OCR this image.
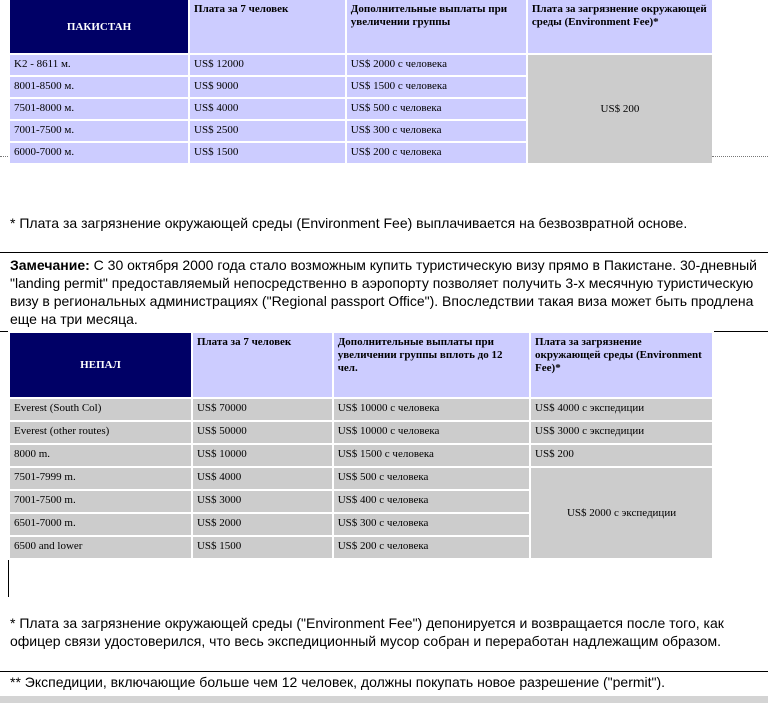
ПАКИСТАН	Плата за 7 человек	Дополнительные выплаты при увеличении группы	Плата за загрязнение окружающей среды (Environment Fee)*
K2 - 8611 м.	US$ 12000	US$ 2000 с человека	US$ 200
8001-8500 м.	US$ 9000	US$ 1500 с человека	
7501-8000 м.	US$ 4000	US$ 500 с человека	
7001-7500 м.	US$ 2500	US$ 300 с человека	
6000-7000 м.	US$ 1500	US$ 200 с человека	
* Плата за загрязнение окружающей среды (Environment Fee) выплачивается на безвозвратной основе.
Замечание: С 30 октября 2000 года стало возможным купить туристическую визу прямо в Пакистане. 30-дневный "landing permit" предоставляемый непосредственно в аэропорту позволяет получить 3-х месячную туристическую визу в региональных администрациях ("Regional passport Office"). Впоследствии такая виза может быть продлена еще на три месяца.
НЕПАЛ	Плата за 7 человек	Дополнительные выплаты при увеличении группы вплоть до 12 чел.	Плата за загрязнение окружающей среды (Environment Fee)*
Everest (South Col)	US$ 70000	US$ 10000 с человека	US$ 4000 с экспедиции
Everest (other routes)	US$ 50000	US$ 10000 с человека	US$ 3000 с экспедиции
8000 m.	US$ 10000	US$ 1500 с человека	US$ 200
7501-7999 m.	US$ 4000	US$ 500 с человека	US$ 2000 с экспедиции
7001-7500 m.	US$ 3000	US$ 400 с человека	
6501-7000 m.	US$ 2000	US$ 300 с человека	
6500 and lower	US$ 1500	US$ 200 с человека	
* Плата за загрязнение окружающей среды ("Environment Fee") депонируется и возвращается после того, как офицер связи удостоверился, что весь экспедиционный мусор собран и переработан надлежащим образом.
** Экспедиции, включающие больше чем 12 человек, должны покупать новое разрешение ("permit").
